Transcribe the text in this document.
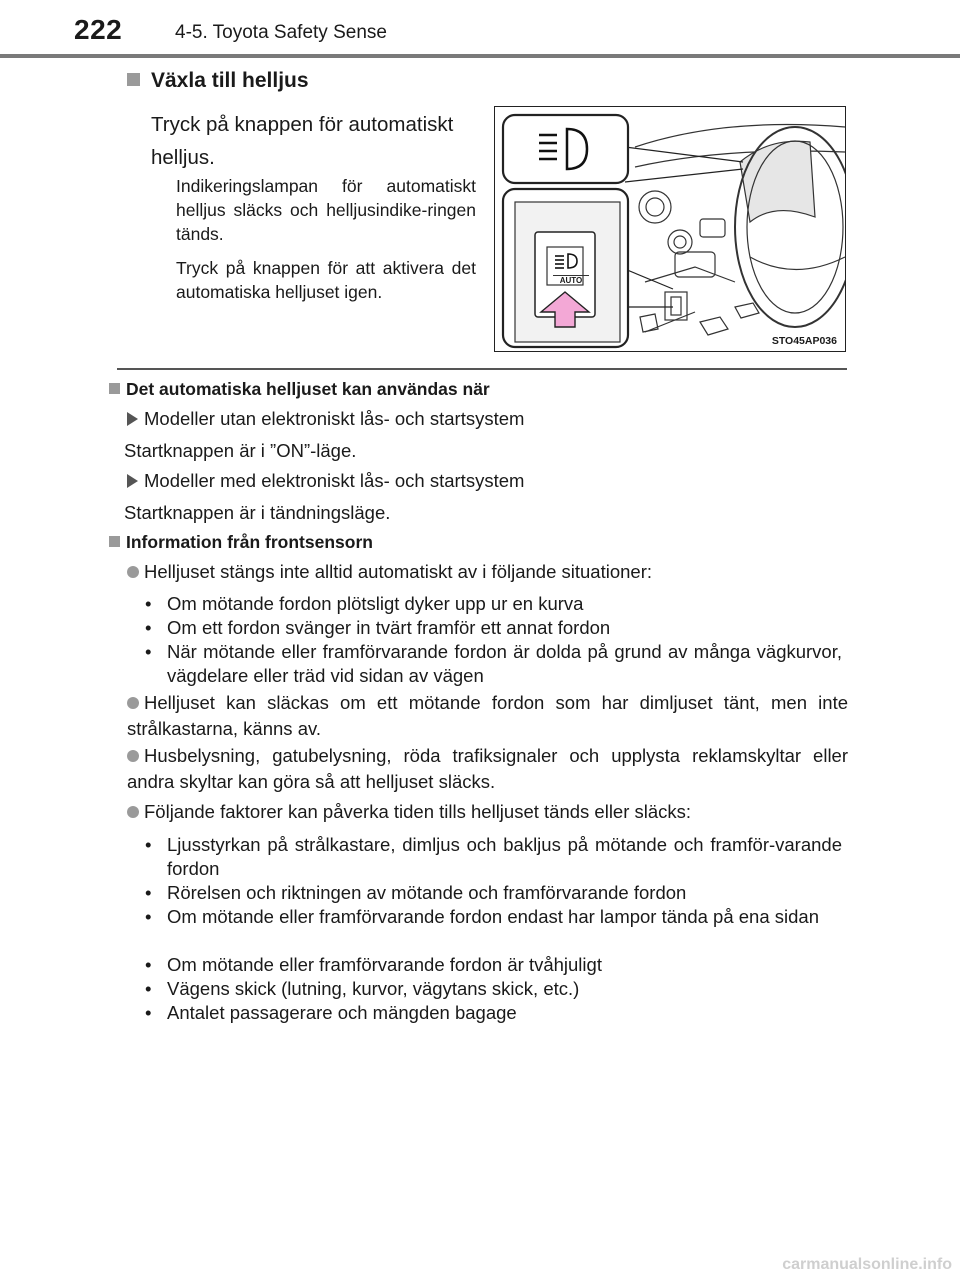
222	4-5. Toyota Safety Sense
Växla till helljus
Tryck på knappen för automatiskt helljus.
Indikeringslampan för automatiskt helljus släcks och helljusindike-ringen tänds.
Tryck på knappen för att aktivera det automatiska helljuset igen.
AUTO
STO45AP036
Det automatiska helljuset kan användas när
Modeller utan elektroniskt lås- och startsystem
Startknappen är i ”ON”-läge.
Modeller med elektroniskt lås- och startsystem
Startknappen är i tändningsläge.
Information från frontsensorn
Helljuset stängs inte alltid automatiskt av i följande situationer:
• Om mötande fordon plötsligt dyker upp ur en kurva
• Om ett fordon svänger in tvärt framför ett annat fordon
• När mötande eller framförvarande fordon är dolda på grund av många vägkurvor, vägdelare eller träd vid sidan av vägen
Helljuset kan släckas om ett mötande fordon som har dimljuset tänt, men inte strålkastarna, känns av.
Husbelysning, gatubelysning, röda trafiksignaler och upplysta reklamskyltar eller andra skyltar kan göra så att helljuset släcks.
Följande faktorer kan påverka tiden tills helljuset tänds eller släcks:
• Ljusstyrkan på strålkastare, dimljus och bakljus på mötande och framför-varande fordon
• Rörelsen och riktningen av mötande och framförvarande fordon
• Om mötande eller framförvarande fordon endast har lampor tända på ena sidan
• Om mötande eller framförvarande fordon är tvåhjuligt
• Vägens skick (lutning, kurvor, vägytans skick, etc.)
• Antalet passagerare och mängden bagage
carmanualsonline.info
